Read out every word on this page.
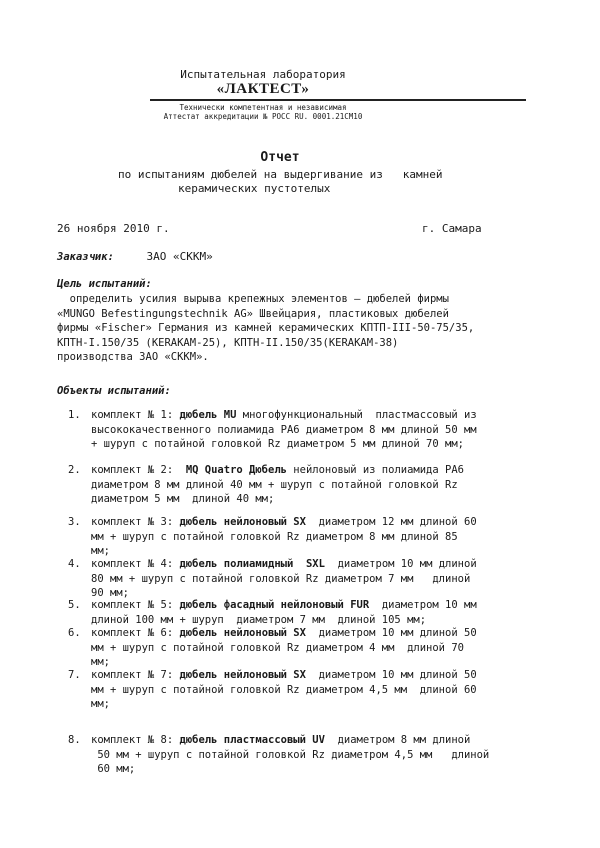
Испытательная лаборатория
«ЛАКТЕСТ»
Технически компетентная и независимая
Аттестат аккредитации № РОСС RU. 0001.21СМ10
Отчет
по испытаниям дюбелей на выдергивание из   камней
керамических пустотелых
26 ноября 2010 г.	г. Самара
Заказчик:	ЗАО «СККМ»
Цель испытаний:
определить усилия вырыва крепежных элементов — дюбелей фирмы
«MUNGO Befestingungstechnik AG» Швейцария, пластиковых дюбелей
фирмы «Fischer» Германия из камней керамических КПТП-III-50-75/35,
КПТН-I.150/35 (KERAKAM-25), КПТН-II.150/35(KERAKAM-38)
производства ЗАО «СККМ».
Объекты испытаний:
1. комплект № 1: дюбель MU многофункциональный  пластмассовый из
высококачественного полиамида РА6 диаметром 8 мм длиной 50 мм
+ шуруп с потайной головкой Rz диаметром 5 мм длиной 70 мм;
2. комплект № 2:  MQ Quatro Дюбель нейлоновый из полиамида РА6
диаметром 8 мм длиной 40 мм + шуруп с потайной головкой Rz
диаметром 5 мм  длиной 40 мм;
3. комплект № 3: дюбель нейлоновый SX  диаметром 12 мм длиной 60
мм + шуруп с потайной головкой Rz диаметром 8 мм длиной 85
мм;
4. комплект № 4: дюбель полиамидный  SXL  диаметром 10 мм длиной
80 мм + шуруп с потайной головкой Rz диаметром 7 мм   длиной
90 мм;
5. комплект № 5: дюбель фасадный нейлоновый FUR  диаметром 10 мм
длиной 100 мм + шуруп  диаметром 7 мм  длиной 105 мм;
6. комплект № 6: дюбель нейлоновый SX  диаметром 10 мм длиной 50
мм + шуруп с потайной головкой Rz диаметром 4 мм  длиной 70
мм;
7. комплект № 7: дюбель нейлоновый SX  диаметром 10 мм длиной 50
мм + шуруп с потайной головкой Rz диаметром 4,5 мм  длиной 60
мм;
8. комплект № 8: дюбель пластмассовый UV  диаметром 8 мм длиной
50 мм + шуруп с потайной головкой Rz диаметром 4,5 мм   длиной
60 мм;
